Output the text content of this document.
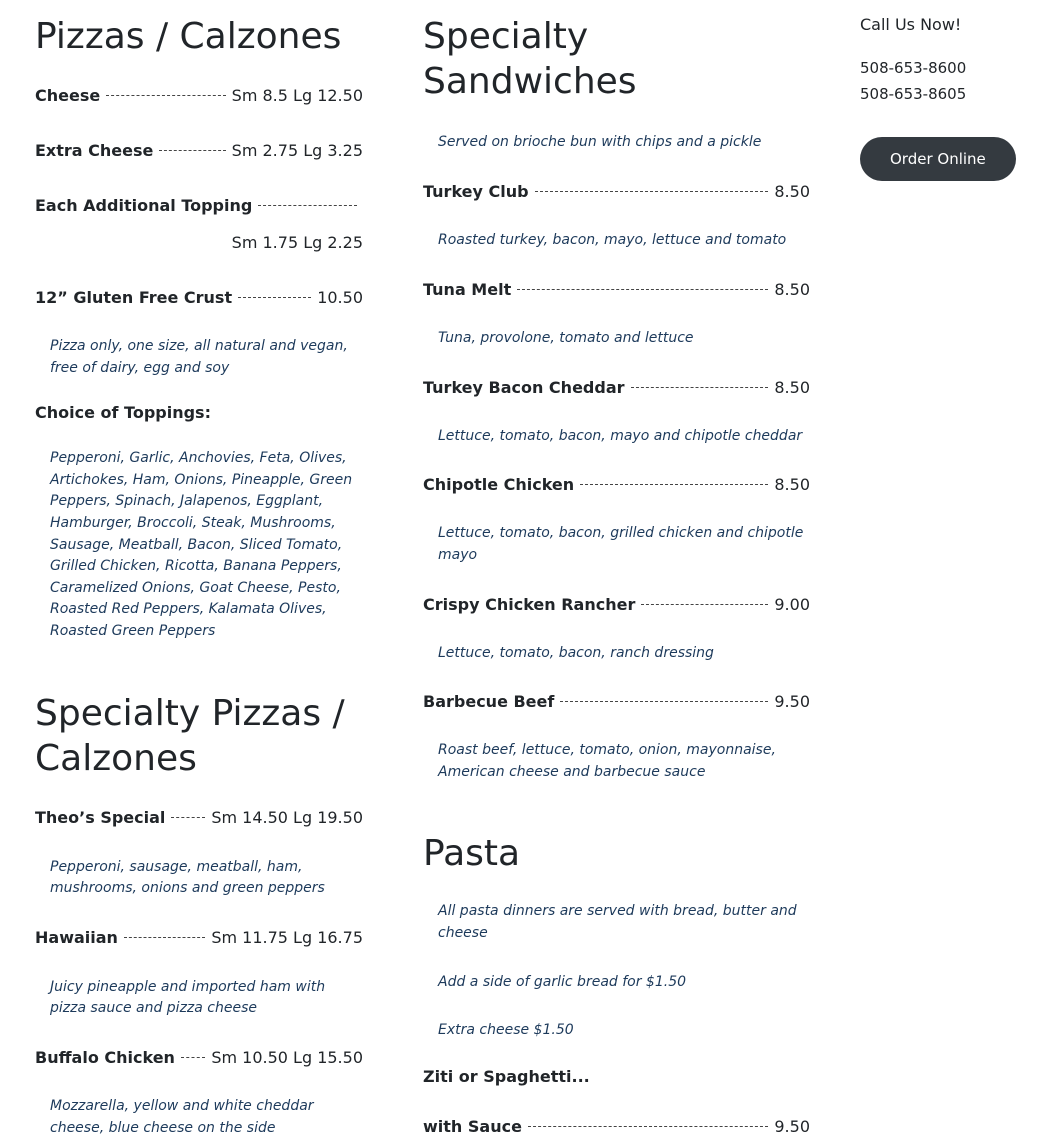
Pizzas / Calzones
Cheese	Sm 8.5 Lg 12.50
Extra Cheese	Sm 2.75 Lg 3.25
Each Additional Topping
Sm 1.75 Lg 2.25
12” Gluten Free Crust	10.50

Pizza only, one size, all natural and vegan, free of dairy, egg and soy

Choice of Toppings:

Pepperoni, Garlic, Anchovies, Feta, Olives, Artichokes, Ham, Onions, Pineapple, Green Peppers, Spinach, Jalapenos, Eggplant, Hamburger, Broccoli, Steak, Mushrooms, Sausage, Meatball, Bacon, Sliced Tomato, Grilled Chicken, Ricotta, Banana Peppers, Caramelized Onions, Goat Cheese, Pesto, Roasted Red Peppers, Kalamata Olives, Roasted Green Peppers

Specialty Pizzas / Calzones
Theo’s Special	Sm 14.50 Lg 19.50

Pepperoni, sausage, meatball, ham, mushrooms, onions and green peppers

Hawaiian	Sm 11.75 Lg 16.75

Juicy pineapple and imported ham with pizza sauce and pizza cheese

Buffalo Chicken Sm 10.50 Lg 15.50

Mozzarella, yellow and white cheddar cheese, blue cheese on the side

Specialty Sandwiches

Served on brioche bun with chips and a pickle

Turkey Club	8.50

Roasted turkey, bacon, mayo, lettuce and tomato

Tuna Melt	8.50

Tuna, provolone, tomato and lettuce

Turkey Bacon Cheddar	8.50

Lettuce, tomato, bacon, mayo and chipotle cheddar

Chipotle Chicken	8.50

Lettuce, tomato, bacon, grilled chicken and chipotle mayo

Crispy Chicken Rancher	9.00

Lettuce, tomato, bacon, ranch dressing

Barbecue Beef	9.50

Roast beef, lettuce, tomato, onion, mayonnaise, American cheese and barbecue sauce

Pasta

All pasta dinners are served with bread, butter and cheese

Add a side of garlic bread for $1.50

Extra cheese $1.50

Ziti or Spaghetti...

with Sauce	9.50
Call Us Now!
508-653-8600
508-653-8605
Order Online
